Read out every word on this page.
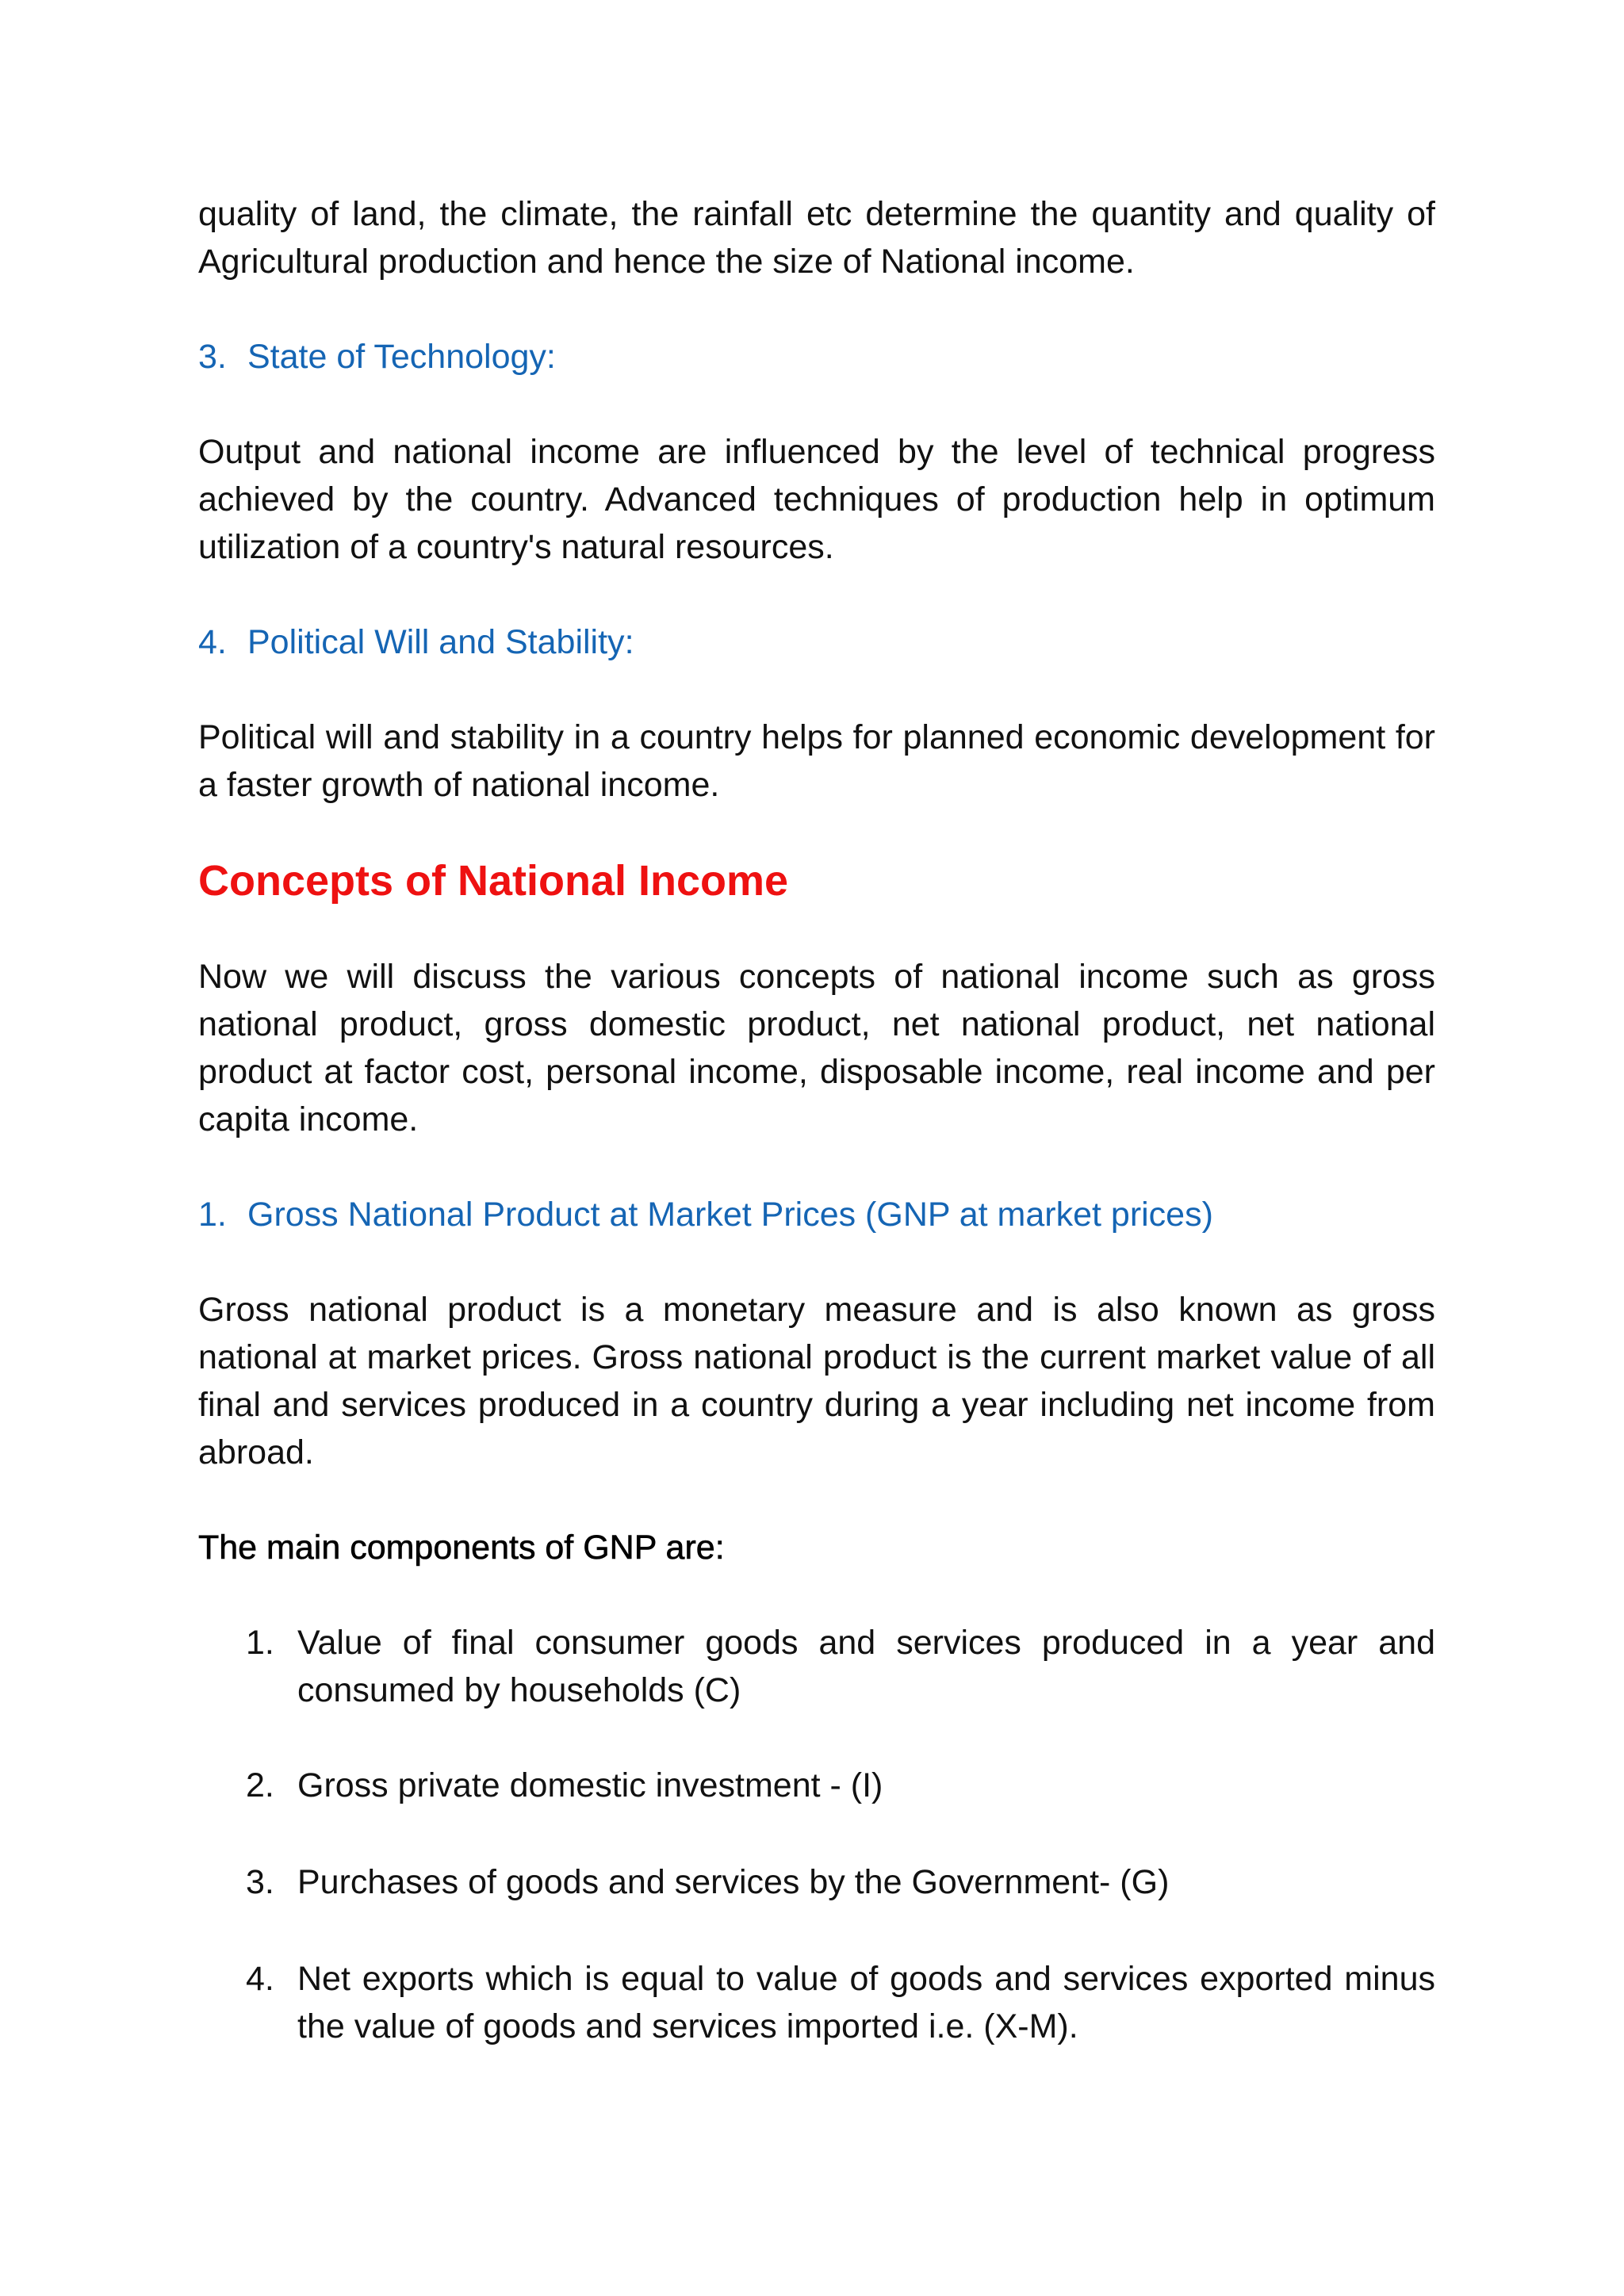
quality of land, the climate, the rainfall etc determine the quantity and quality of Agricultural production and hence the size of National income.

3. State of Technology:

Output and national income are influenced by the level of technical progress achieved by the country. Advanced techniques of production help in optimum utilization of a country's natural resources.

4. Political Will and Stability:

Political will and stability in a country helps for planned economic development for a faster growth of national income.

Concepts of National Income

Now we will discuss the various concepts of national income such as gross national product, gross domestic product, net national product, net national product at factor cost, personal income, disposable income, real income and per capita income.

1. Gross National Product at Market Prices (GNP at market prices)

Gross national product is a monetary measure and is also known as gross national at market prices. Gross national product is the current market value of all final and services produced in a country during a year including net income from abroad.

The main components of GNP are:

1. Value of final consumer goods and services produced in a year and consumed by households (C)
2. Gross private domestic investment - (I)
3. Purchases of goods and services by the Government- (G)
4. Net exports which is equal to value of goods and services exported minus the value of goods and services imported i.e. (X-M).
